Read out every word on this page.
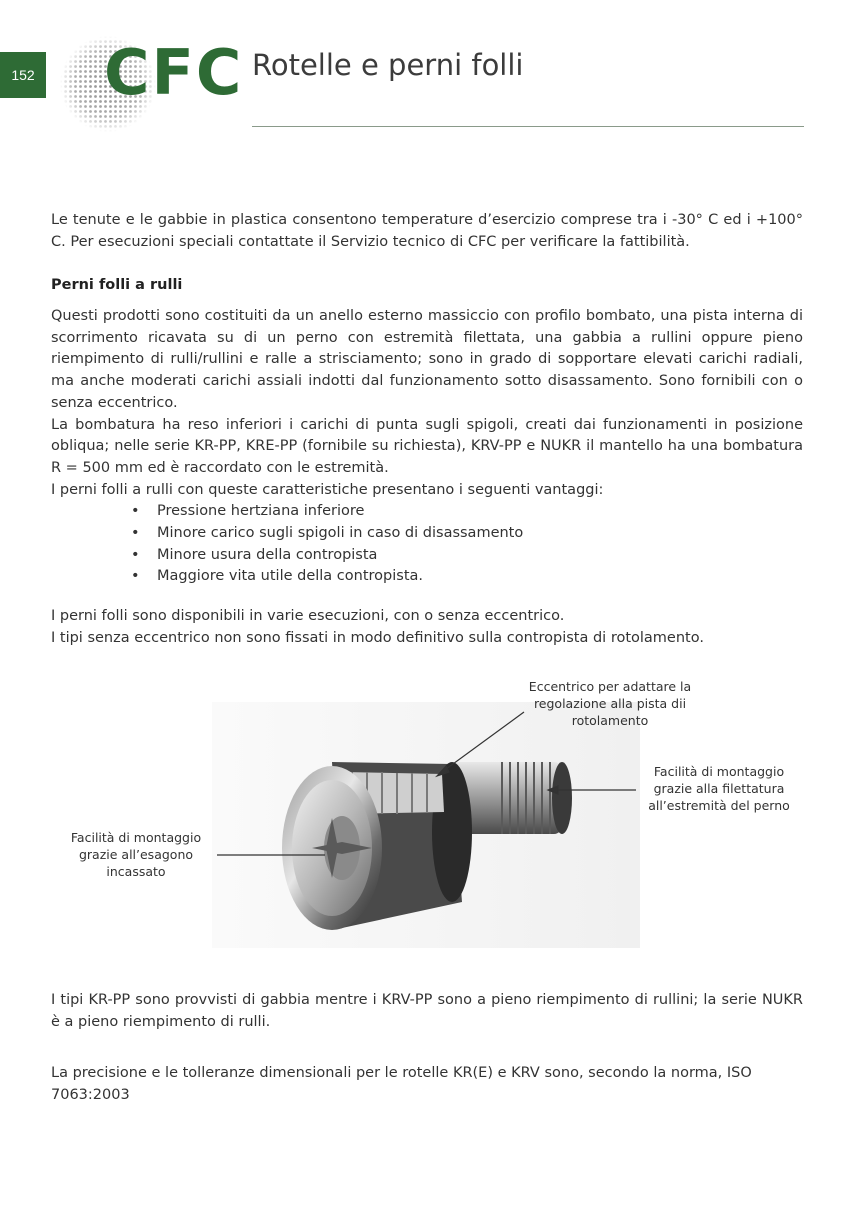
152 CFC Rotelle e perni folli
Le tenute e le gabbie in plastica consentono temperature d’esercizio comprese tra i -30° C ed i +100° C. Per esecuzioni speciali contattate il Servizio tecnico di CFC per verificare la fattibilità.
Perni folli a rulli
Questi prodotti sono costituiti da un anello esterno massiccio con profilo bombato, una pista interna di scorrimento ricavata su di un perno con estremità filettata, una gabbia a rullini oppure pieno riempimento di rulli/rullini e ralle a strisciamento; sono in grado di sopportare elevati carichi radiali, ma anche moderati carichi assiali indotti dal funzionamento sotto disassamento. Sono fornibili con o senza eccentrico.
La bombatura ha reso inferiori i carichi di punta sugli spigoli, creati dai funzionamenti in posizione obliqua; nelle serie KR-PP, KRE-PP (fornibile su richiesta), KRV-PP e NUKR il mantello ha una bombatura R = 500 mm ed è raccordato con le estremità.
I perni folli a rulli con queste caratteristiche presentano i seguenti vantaggi:
• Pressione hertziana inferiore
• Minore carico sugli spigoli in caso di disassamento
• Minore usura della contropista
• Maggiore vita utile della contropista.
I perni folli sono disponibili in varie esecuzioni, con o senza eccentrico.
I tipi senza eccentrico non sono fissati in modo definitivo sulla contropista di rotolamento.
Eccentrico per adattare la regolazione alla pista dii rotolamento
Facilità di montaggio grazie alla filettatura all’estremità del perno
Facilità di montaggio grazie all’esagono incassato
I tipi KR-PP sono provvisti di gabbia mentre i KRV-PP sono a pieno riempimento di rullini; la serie NUKR è a pieno riempimento di rulli.
La precisione e le tolleranze dimensionali per le rotelle KR(E) e KRV sono, secondo la norma, ISO 7063:2003
